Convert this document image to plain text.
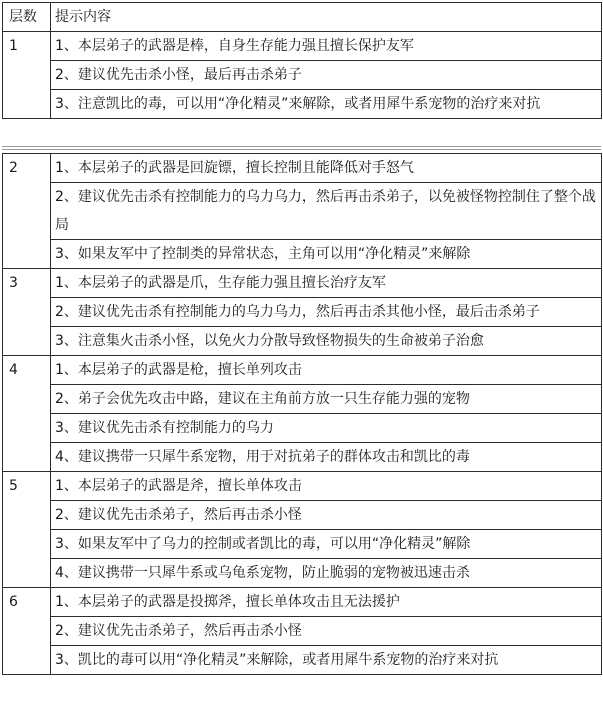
层数	提示内容
1	1、本层弟子的武器是棒，自身生存能力强且擅长保护友军
	2、建议优先击杀小怪，最后再击杀弟子
	3、注意凯比的毒，可以用“净化精灵”来解除，或者用犀牛系宠物的治疗来对抗
2	1、本层弟子的武器是回旋镖，擅长控制且能降低对手怒气
	2、建议优先击杀有控制能力的乌力乌力，然后再击杀弟子，以免被怪物控制住了整个战局
	3、如果友军中了控制类的异常状态，主角可以用“净化精灵”来解除
3	1、本层弟子的武器是爪，生存能力强且擅长治疗友军
	2、建议优先击杀有控制能力的乌力乌力，然后再击杀其他小怪，最后击杀弟子
	3、注意集火击杀小怪，以免火力分散导致怪物损失的生命被弟子治愈
4	1、本层弟子的武器是枪，擅长单列攻击
	2、弟子会优先攻击中路，建议在主角前方放一只生存能力强的宠物
	3、建议优先击杀有控制能力的乌力
	4、建议携带一只犀牛系宠物，用于对抗弟子的群体攻击和凯比的毒
5	1、本层弟子的武器是斧，擅长单体攻击
	2、建议优先击杀弟子，然后再击杀小怪
	3、如果友军中了乌力的控制或者凯比的毒，可以用“净化精灵”解除
	4、建议携带一只犀牛系或乌龟系宠物，防止脆弱的宠物被迅速击杀
6	1、本层弟子的武器是投掷斧，擅长单体攻击且无法援护
	2、建议优先击杀弟子，然后再击杀小怪
	3、凯比的毒可以用“净化精灵”来解除，或者用犀牛系宠物的治疗来对抗
